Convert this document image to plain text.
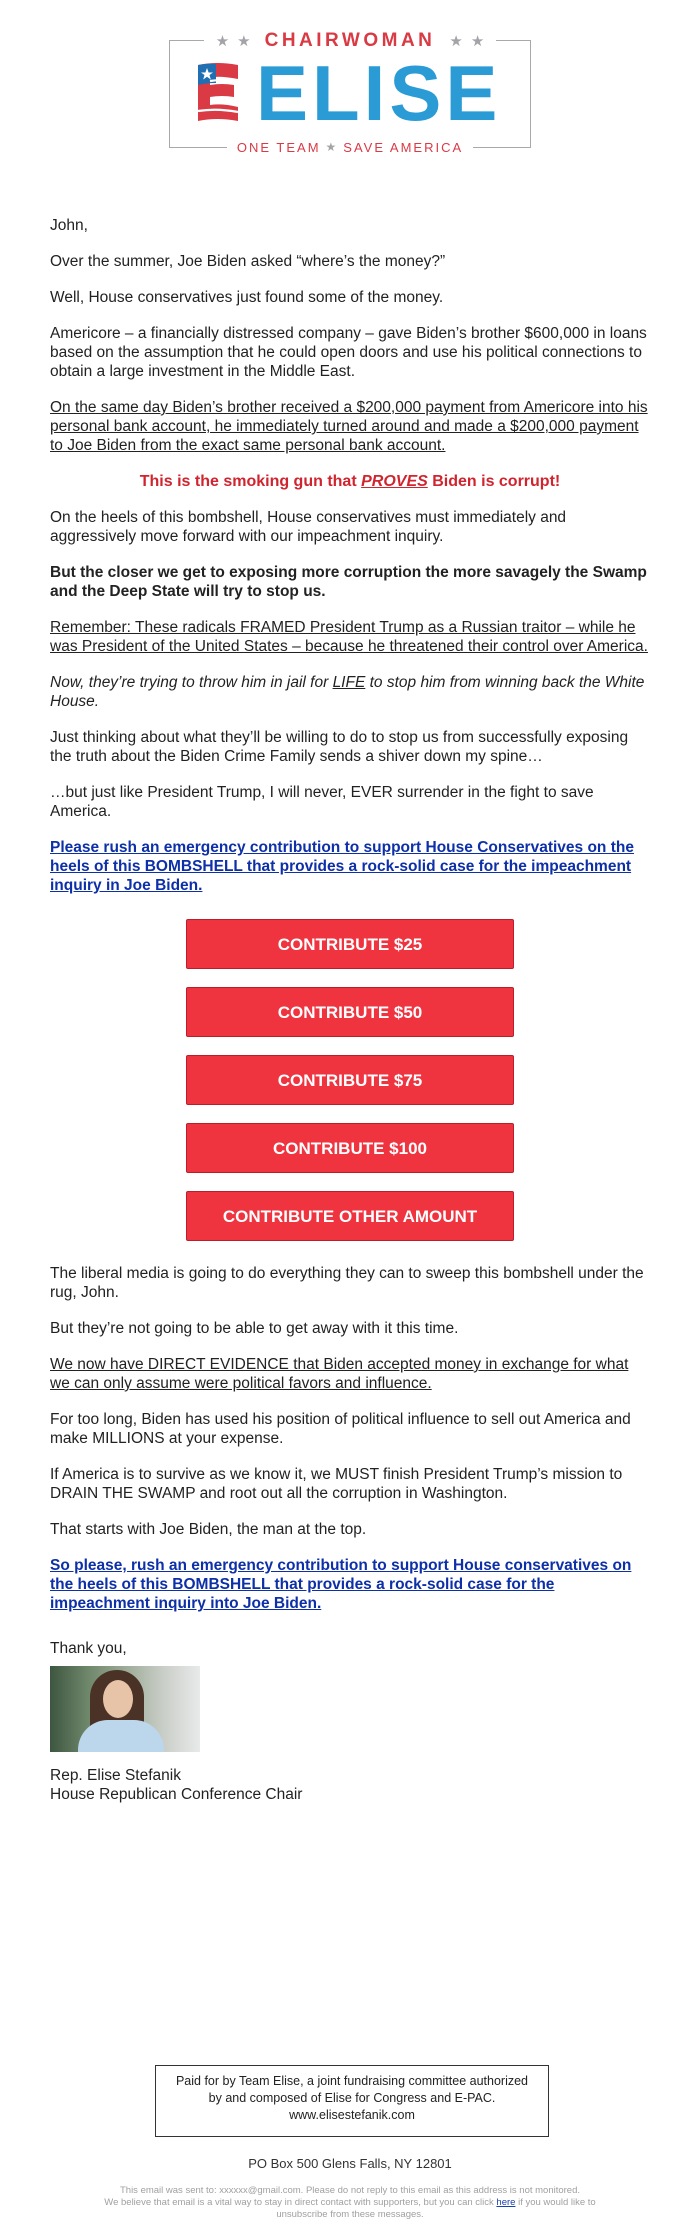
★ ★ CHAIRWOMAN ★ ★
ELISE
ONE TEAM ★ SAVE AMERICA

John,

Over the summer, Joe Biden asked “where’s the money?”

Well, House conservatives just found some of the money.

Americore – a financially distressed company – gave Biden’s brother $600,000 in loans based on the assumption that he could open doors and use his political connections to obtain a large investment in the Middle East.

On the same day Biden’s brother received a $200,000 payment from Americore into his personal bank account, he immediately turned around and made a $200,000 payment to Joe Biden from the exact same personal bank account.

This is the smoking gun that PROVES Biden is corrupt!

On the heels of this bombshell, House conservatives must immediately and aggressively move forward with our impeachment inquiry.

But the closer we get to exposing more corruption the more savagely the Swamp and the Deep State will try to stop us.

Remember: These radicals FRAMED President Trump as a Russian traitor – while he was President of the United States – because he threatened their control over America.

Now, they’re trying to throw him in jail for LIFE to stop him from winning back the White House.

Just thinking about what they’ll be willing to do to stop us from successfully exposing the truth about the Biden Crime Family sends a shiver down my spine…

…but just like President Trump, I will never, EVER surrender in the fight to save America.

Please rush an emergency contribution to support House Conservatives on the heels of this BOMBSHELL that provides a rock-solid case for the impeachment inquiry in Joe Biden.

CONTRIBUTE $25
CONTRIBUTE $50
CONTRIBUTE $75
CONTRIBUTE $100
CONTRIBUTE OTHER AMOUNT

The liberal media is going to do everything they can to sweep this bombshell under the rug, John.

But they’re not going to be able to get away with it this time.

We now have DIRECT EVIDENCE that Biden accepted money in exchange for what we can only assume were political favors and influence.

For too long, Biden has used his position of political influence to sell out America and make MILLIONS at your expense.

If America is to survive as we know it, we MUST finish President Trump’s mission to DRAIN THE SWAMP and root out all the corruption in Washington.

That starts with Joe Biden, the man at the top.

So please, rush an emergency contribution to support House conservatives on the heels of this BOMBSHELL that provides a rock-solid case for the impeachment inquiry into Joe Biden.

Thank you,

Rep. Elise Stefanik
House Republican Conference Chair
Paid for by Team Elise, a joint fundraising committee authorized by and composed of Elise for Congress and E-PAC. www.elisestefanik.com
PO Box 500 Glens Falls, NY 12801
This email was sent to: xxxxxx@gmail.com. Please do not reply to this email as this address is not monitored.
We believe that email is a vital way to stay in direct contact with supporters, but you can click here if you would like to unsubscribe from these messages.
